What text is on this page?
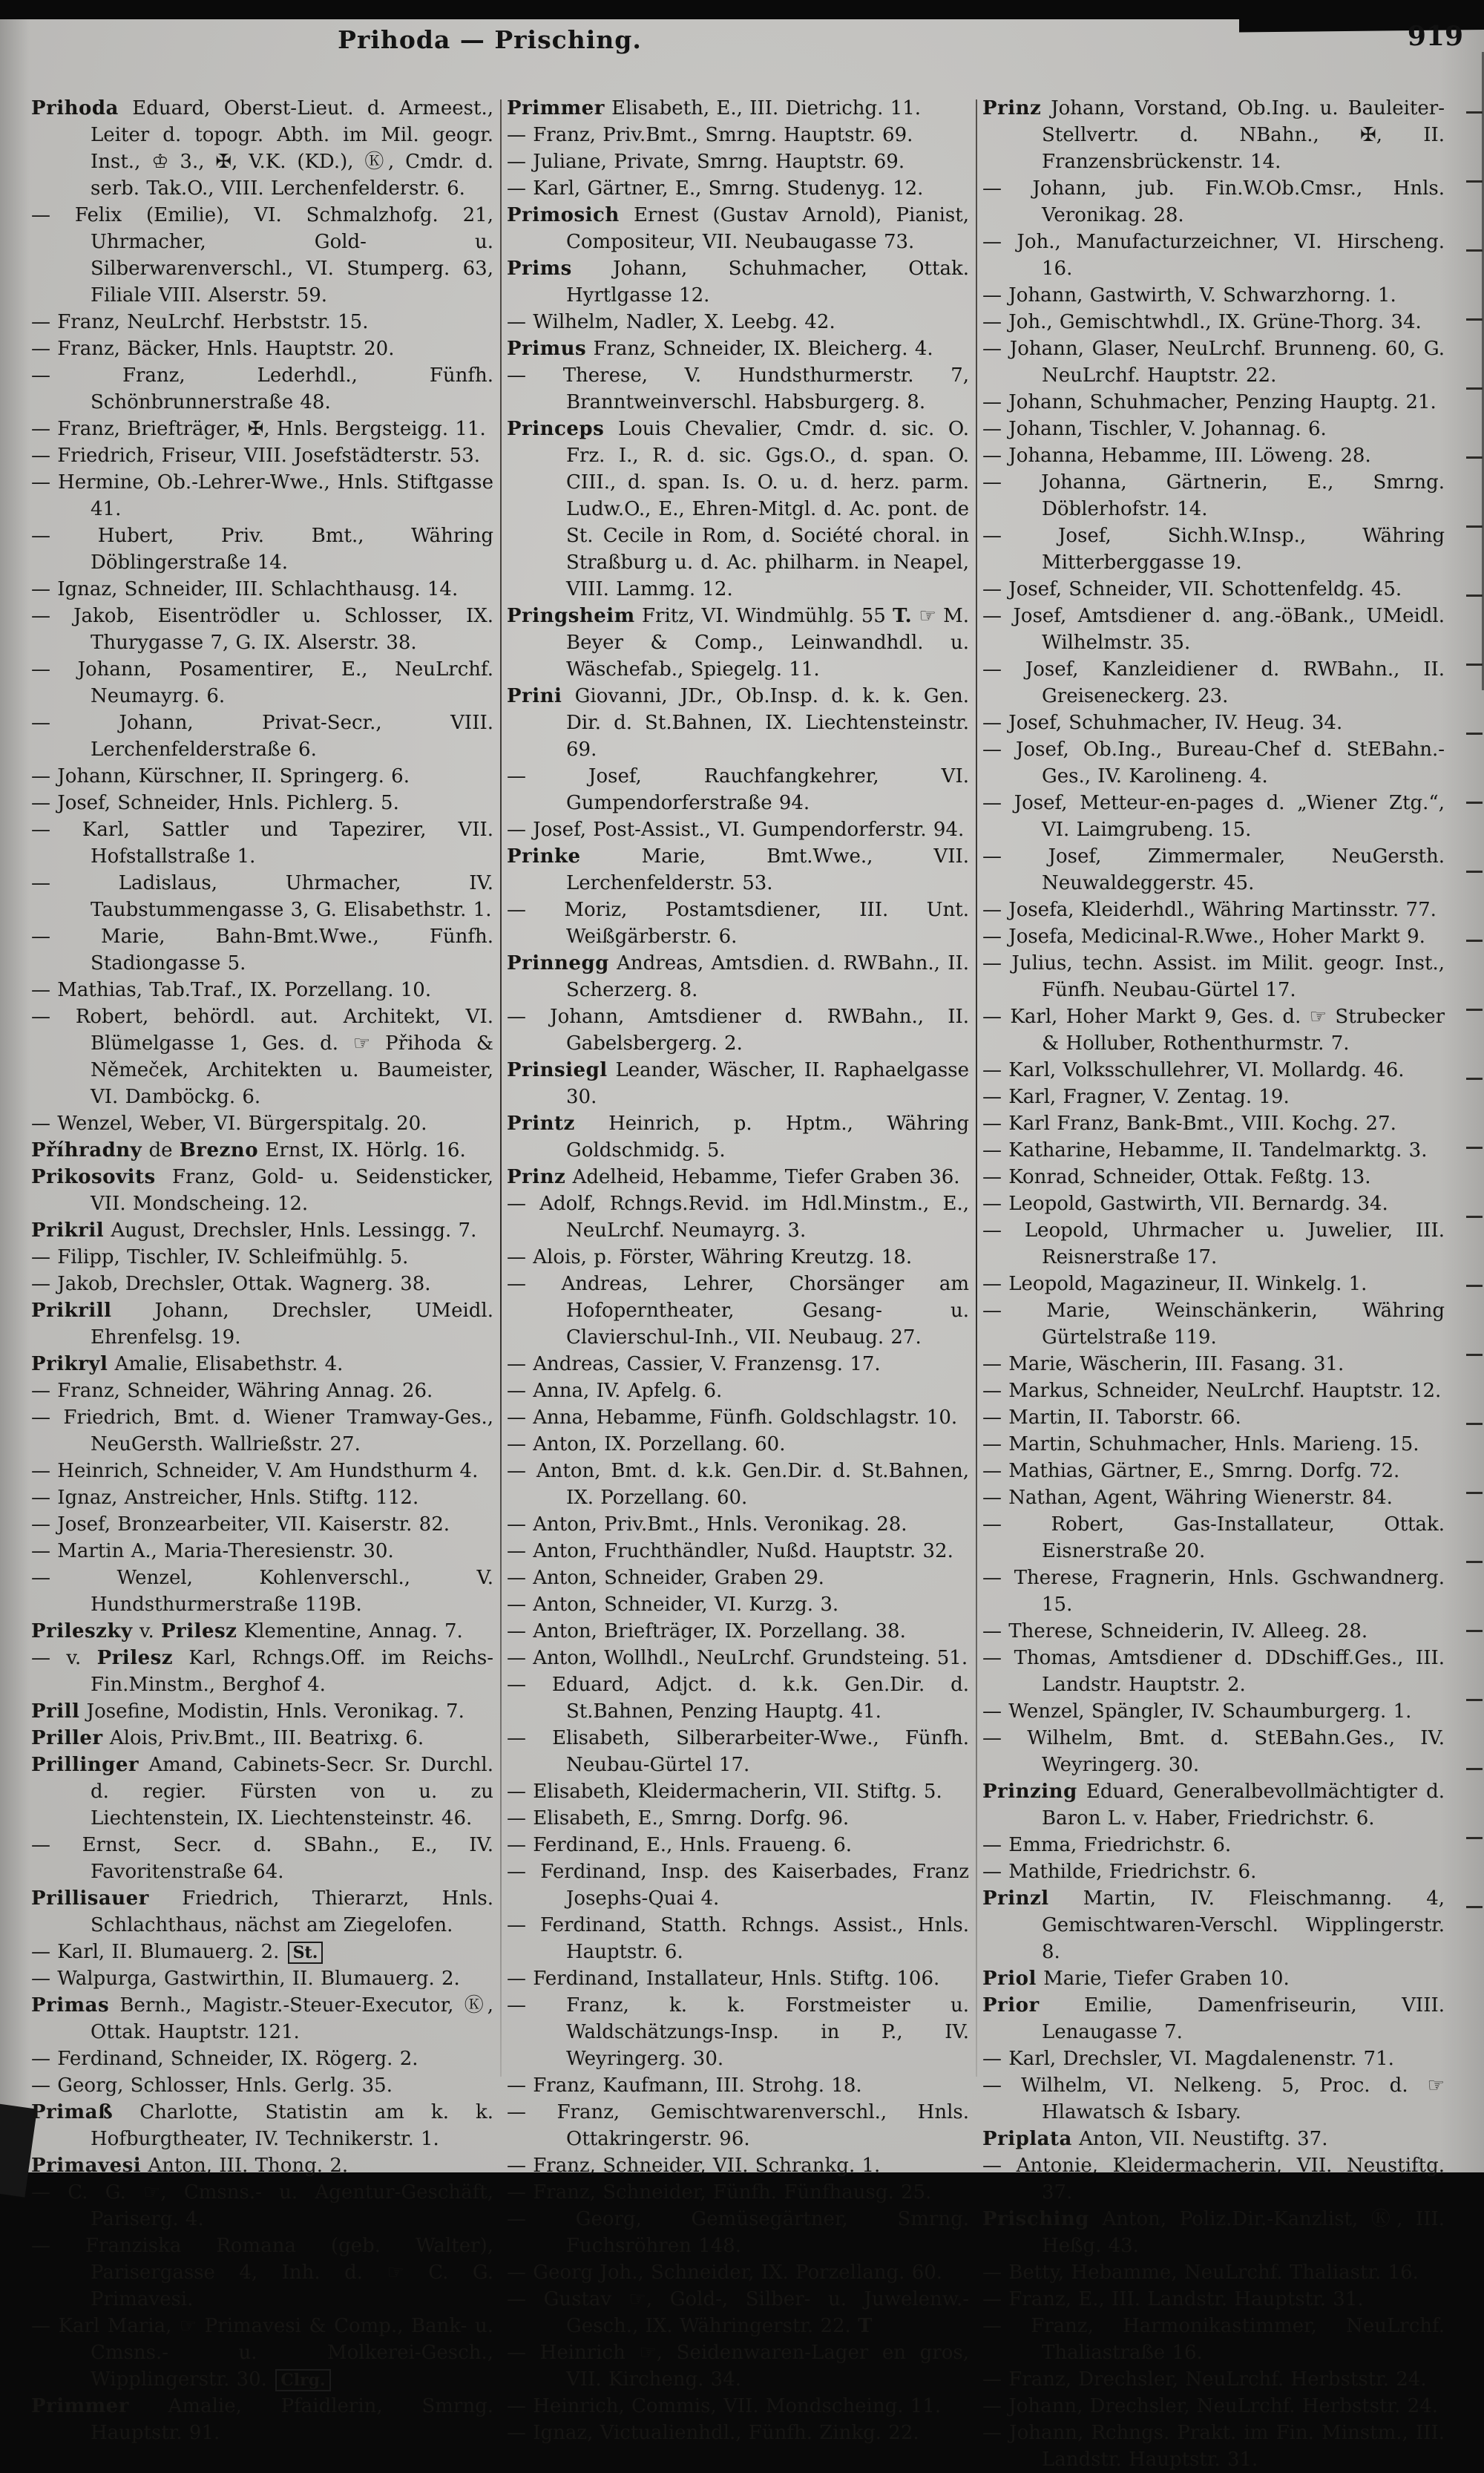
Prihoda — Prisching.	919
Prihoda Eduard, Oberst-Lieut. d. Armeest., Leiter d. topogr. Abth. im Mil. geogr. Inst., ♔ 3., ✠, V.K. (KD.), Ⓚ, Cmdr. d. serb. Tak.O., VIII. Lerchenfelderstr. 6.
— Felix (Emilie), VI. Schmalzhofg. 21, Uhrmacher, Gold- u. Silberwarenverschl., VI. Stumperg. 63, Filiale VIII. Alserstr. 59.
— Franz, NeuLrchf. Herbststr. 15.
— Franz, Bäcker, Hnls. Hauptstr. 20.
— Franz, Lederhdl., Fünfh. Schönbrunnerstraße 48.
— Franz, Briefträger, ✠, Hnls. Bergsteigg. 11.
— Friedrich, Friseur, VIII. Josefstädterstr. 53.
— Hermine, Ob.-Lehrer-Wwe., Hnls. Stiftgasse 41.
— Hubert, Priv. Bmt., Währing Döblingerstraße 14.
— Ignaz, Schneider, III. Schlachthausg. 14.
— Jakob, Eisentrödler u. Schlosser, IX. Thurygasse 7, G. IX. Alserstr. 38.
— Johann, Posamentirer, E., NeuLrchf. Neumayrg. 6.
— Johann, Privat-Secr., VIII. Lerchenfelderstraße 6.
— Johann, Kürschner, II. Springerg. 6.
— Josef, Schneider, Hnls. Pichlerg. 5.
— Karl, Sattler und Tapezirer, VII. Hofstallstraße 1.
— Ladislaus, Uhrmacher, IV. Taubstummengasse 3, G. Elisabethstr. 1.
— Marie, Bahn-Bmt.Wwe., Fünfh. Stadiongasse 5.
— Mathias, Tab.Traf., IX. Porzellang. 10.
— Robert, behördl. aut. Architekt, VI. Blümelgasse 1, Ges. d. ☞ Přihoda & Němeček, Architekten u. Baumeister, VI. Damböckg. 6.
— Wenzel, Weber, VI. Bürgerspitalg. 20.
Příhradny de Brezno Ernst, IX. Hörlg. 16.
Prikosovits Franz, Gold- u. Seidensticker, VII. Mondscheing. 12.
Prikril August, Drechsler, Hnls. Lessingg. 7.
— Filipp, Tischler, IV. Schleifmühlg. 5.
— Jakob, Drechsler, Ottak. Wagnerg. 38.
Prikrill Johann, Drechsler, UMeidl. Ehrenfelsg. 19.
Prikryl Amalie, Elisabethstr. 4.
— Franz, Schneider, Währing Annag. 26.
— Friedrich, Bmt. d. Wiener Tramway-Ges., NeuGersth. Wallrießstr. 27.
— Heinrich, Schneider, V. Am Hundsthurm 4.
— Ignaz, Anstreicher, Hnls. Stiftg. 112.
— Josef, Bronzearbeiter, VII. Kaiserstr. 82.
— Martin A., Maria-Theresienstr. 30.
— Wenzel, Kohlenverschl., V. Hundsthurmerstraße 119B.
Prileszky v. Prilesz Klementine, Annag. 7.
— v. Prilesz Karl, Rchngs.Off. im Reichs-Fin.Minstm., Berghof 4.
Prill Josefine, Modistin, Hnls. Veronikag. 7.
Priller Alois, Priv.Bmt., III. Beatrixg. 6.
Prillinger Amand, Cabinets-Secr. Sr. Durchl. d. regier. Fürsten von u. zu Liechtenstein, IX. Liechtensteinstr. 46.
— Ernst, Secr. d. SBahn., E., IV. Favoritenstraße 64.
Prillisauer Friedrich, Thierarzt, Hnls. Schlachthaus, nächst am Ziegelofen.
— Karl, II. Blumauerg. 2. St.
— Walpurga, Gastwirthin, II. Blumauerg. 2.
Primas Bernh., Magistr.-Steuer-Executor, Ⓚ, Ottak. Hauptstr. 121.
— Ferdinand, Schneider, IX. Rögerg. 2.
— Georg, Schlosser, Hnls. Gerlg. 35.
Primaß Charlotte, Statistin am k. k. Hofburgtheater, IV. Technikerstr. 1.
Primavesi Anton, III. Thong. 2.
— C. G. ☞, Cmsns.- u. Agentur-Geschäft, Pariserg. 4.
— Franziska Romana (geb. Walter), Parisergasse 4, Inh. d. ☞ C. G. Primavesi.
— Karl Maria, ☞ Primavesi & Comp., Bank- u. Cmsns.- u. Molkerei-Gesch., Wipplingerstr. 30. Clrg.
Primmer Amalie, Pfaidlerin, Smrng. Hauptstr. 91.
Primmer Elisabeth, E., III. Dietrichg. 11.
— Franz, Priv.Bmt., Smrng. Hauptstr. 69.
— Juliane, Private, Smrng. Hauptstr. 69.
— Karl, Gärtner, E., Smrng. Studenyg. 12.
Primosich Ernest (Gustav Arnold), Pianist, Compositeur, VII. Neubaugasse 73.
Prims Johann, Schuhmacher, Ottak. Hyrtlgasse 12.
— Wilhelm, Nadler, X. Leebg. 42.
Primus Franz, Schneider, IX. Bleicherg. 4.
— Therese, V. Hundsthurmerstr. 7, Branntweinverschl. Habsburgerg. 8.
Princeps Louis Chevalier, Cmdr. d. sic. O. Frz. I., R. d. sic. Ggs.O., d. span. O. CIII., d. span. Is. O. u. d. herz. parm. Ludw.O., E., Ehren-Mitgl. d. Ac. pont. de St. Cecile in Rom, d. Société choral. in Straßburg u. d. Ac. philharm. in Neapel, VIII. Lammg. 12.
Pringsheim Fritz, VI. Windmühlg. 55 T. ☞ M. Beyer & Comp., Leinwandhdl. u. Wäschefab., Spiegelg. 11.
Prini Giovanni, JDr., Ob.Insp. d. k. k. Gen. Dir. d. St.Bahnen, IX. Liechtensteinstr. 69.
— Josef, Rauchfangkehrer, VI. Gumpendorferstraße 94.
— Josef, Post-Assist., VI. Gumpendorferstr. 94.
Prinke Marie, Bmt.Wwe., VII. Lerchenfelderstr. 53.
— Moriz, Postamtsdiener, III. Unt. Weißgärberstr. 6.
Prinnegg Andreas, Amtsdien. d. RWBahn., II. Scherzerg. 8.
— Johann, Amtsdiener d. RWBahn., II. Gabelsbergerg. 2.
Prinsiegl Leander, Wäscher, II. Raphaelgasse 30.
Printz Heinrich, p. Hptm., Währing Goldschmidg. 5.
Prinz Adelheid, Hebamme, Tiefer Graben 36.
— Adolf, Rchngs.Revid. im Hdl.Minstm., E., NeuLrchf. Neumayrg. 3.
— Alois, p. Förster, Währing Kreutzg. 18.
— Andreas, Lehrer, Chorsänger am Hofoperntheater, Gesang- u. Clavierschul-Inh., VII. Neubaug. 27.
— Andreas, Cassier, V. Franzensg. 17.
— Anna, IV. Apfelg. 6.
— Anna, Hebamme, Fünfh. Goldschlagstr. 10.
— Anton, IX. Porzellang. 60.
— Anton, Bmt. d. k.k. Gen.Dir. d. St.Bahnen, IX. Porzellang. 60.
— Anton, Priv.Bmt., Hnls. Veronikag. 28.
— Anton, Fruchthändler, Nußd. Hauptstr. 32.
— Anton, Schneider, Graben 29.
— Anton, Schneider, VI. Kurzg. 3.
— Anton, Briefträger, IX. Porzellang. 38.
— Anton, Wollhdl., NeuLrchf. Grundsteing. 51.
— Eduard, Adjct. d. k.k. Gen.Dir. d. St.Bahnen, Penzing Hauptg. 41.
— Elisabeth, Silberarbeiter-Wwe., Fünfh. Neubau-Gürtel 17.
— Elisabeth, Kleidermacherin, VII. Stiftg. 5.
— Elisabeth, E., Smrng. Dorfg. 96.
— Ferdinand, E., Hnls. Fraueng. 6.
— Ferdinand, Insp. des Kaiserbades, Franz Josephs-Quai 4.
— Ferdinand, Statth. Rchngs. Assist., Hnls. Hauptstr. 6.
— Ferdinand, Installateur, Hnls. Stiftg. 106.
— Franz, k. k. Forstmeister u. Waldschätzungs-Insp. in P., IV. Weyringerg. 30.
— Franz, Kaufmann, III. Strohg. 18.
— Franz, Gemischtwarenverschl., Hnls. Ottakringerstr. 96.
— Franz, Schneider, VII. Schrankg. 1.
— Franz, Schneider, Fünfh. Fünfhausg. 25.
— Georg, Gemüsegärtner, Smrng. Fuchsröhren 148.
— Georg Joh., Schneider, IX. Porzellang. 60.
— Gustav ☞, Gold-, Silber- u. Juwelenw.-Gesch., IX. Währingerstr. 22. T
— Heinrich ☞, Seidenwaren-Lager en gros, VII. Kircheng. 34.
— Heinrich, Commis, VII. Mondscheing. 11.
— Ignaz, Victualienhdl., Fünfh. Zinkg. 22.
Prinz Johann, Vorstand, Ob.Ing. u. Bauleiter-Stellvertr. d. NBahn., ✠, II. Franzensbrückenstr. 14.
— Johann, jub. Fin.W.Ob.Cmsr., Hnls. Veronikag. 28.
— Joh., Manufacturzeichner, VI. Hirscheng. 16.
— Johann, Gastwirth, V. Schwarzhorng. 1.
— Joh., Gemischtwhdl., IX. Grüne-Thorg. 34.
— Johann, Glaser, NeuLrchf. Brunneng. 60, G. NeuLrchf. Hauptstr. 22.
— Johann, Schuhmacher, Penzing Hauptg. 21.
— Johann, Tischler, V. Johannag. 6.
— Johanna, Hebamme, III. Löweng. 28.
— Johanna, Gärtnerin, E., Smrng. Döblerhofstr. 14.
— Josef, Sichh.W.Insp., Währing Mitterberggasse 19.
— Josef, Schneider, VII. Schottenfeldg. 45.
— Josef, Amtsdiener d. ang.-öBank., UMeidl. Wilhelmstr. 35.
— Josef, Kanzleidiener d. RWBahn., II. Greiseneckerg. 23.
— Josef, Schuhmacher, IV. Heug. 34.
— Josef, Ob.Ing., Bureau-Chef d. StEBahn.-Ges., IV. Karolineng. 4.
— Josef, Metteur-en-pages d. „Wiener Ztg.“, VI. Laimgrubeng. 15.
— Josef, Zimmermaler, NeuGersth. Neuwaldeggerstr. 45.
— Josefa, Kleiderhdl., Währing Martinsstr. 77.
— Josefa, Medicinal-R.Wwe., Hoher Markt 9.
— Julius, techn. Assist. im Milit. geogr. Inst., Fünfh. Neubau-Gürtel 17.
— Karl, Hoher Markt 9, Ges. d. ☞ Strubecker & Holluber, Rothenthurmstr. 7.
— Karl, Volksschullehrer, VI. Mollardg. 46.
— Karl, Fragner, V. Zentag. 19.
— Karl Franz, Bank-Bmt., VIII. Kochg. 27.
— Katharine, Hebamme, II. Tandelmarktg. 3.
— Konrad, Schneider, Ottak. Feßtg. 13.
— Leopold, Gastwirth, VII. Bernardg. 34.
— Leopold, Uhrmacher u. Juwelier, III. Reisnerstraße 17.
— Leopold, Magazineur, II. Winkelg. 1.
— Marie, Weinschänkerin, Währing Gürtelstraße 119.
— Marie, Wäscherin, III. Fasang. 31.
— Markus, Schneider, NeuLrchf. Hauptstr. 12.
— Martin, II. Taborstr. 66.
— Martin, Schuhmacher, Hnls. Marieng. 15.
— Mathias, Gärtner, E., Smrng. Dorfg. 72.
— Nathan, Agent, Währing Wienerstr. 84.
— Robert, Gas-Installateur, Ottak. Eisnerstraße 20.
— Therese, Fragnerin, Hnls. Gschwandnerg. 15.
— Therese, Schneiderin, IV. Alleeg. 28.
— Thomas, Amtsdiener d. DDschiff.Ges., III. Landstr. Hauptstr. 2.
— Wenzel, Spängler, IV. Schaumburgerg. 1.
— Wilhelm, Bmt. d. StEBahn.Ges., IV. Weyringerg. 30.
Prinzing Eduard, Generalbevollmächtigter d. Baron L. v. Haber, Friedrichstr. 6.
— Emma, Friedrichstr. 6.
— Mathilde, Friedrichstr. 6.
Prinzl Martin, IV. Fleischmanng. 4, Gemischtwaren-Verschl. Wipplingerstr. 8.
Priol Marie, Tiefer Graben 10.
Prior Emilie, Damenfriseurin, VIII. Lenaugasse 7.
— Karl, Drechsler, VI. Magdalenenstr. 71.
— Wilhelm, VI. Nelkeng. 5, Proc. d. ☞ Hlawatsch & Isbary.
Priplata Anton, VII. Neustiftg. 37.
— Antonie, Kleidermacherin, VII. Neustiftg. 37.
Prisching Anton, Poliz.Dir.-Kanzlist, Ⓚ, III. Heßg. 43.
— Betty, Hebamme, NeuLrchf. Thaliastr. 16.
— Franz, E., III. Landstr. Hauptstr. 31.
— Franz, Harmonikastimmer, NeuLrchf. Thaliastraße 16.
— Franz, Drechsler, NeuLrchf. Herbststr. 24.
— Johann, Drechsler, NeuLrchf. Herbststr. 24.
— Johann, Rchngs. Prakt. im Fin. Minstm., III. Landstr. Hauptstr. 31.
